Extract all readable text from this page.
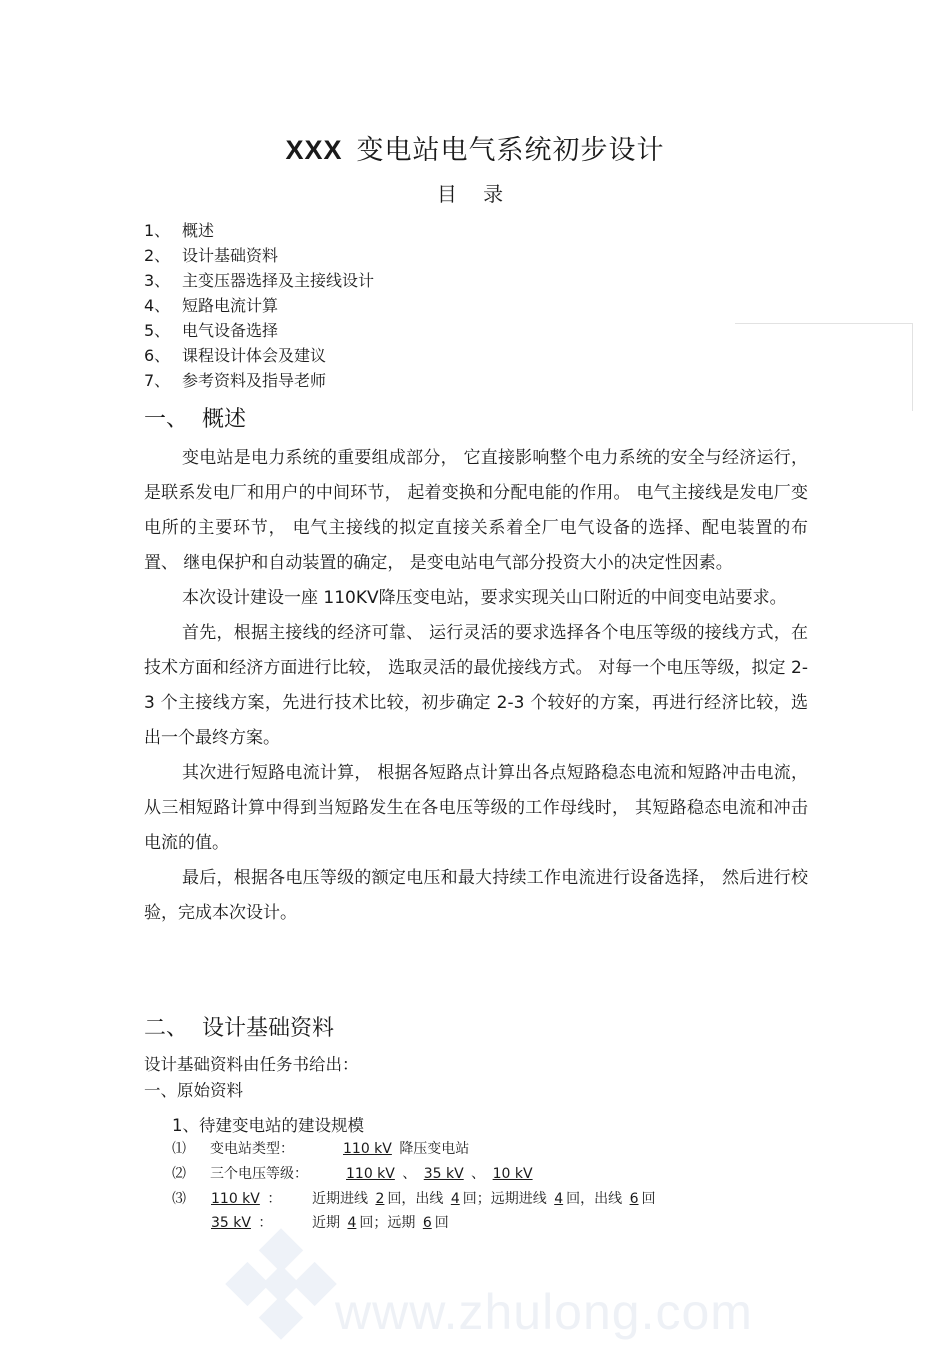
XXX 变电站电气系统初步设计
目 录
1、 概述
2、 设计基础资料
3、 主变压器选择及主接线设计
4、 短路电流计算
5、 电气设备选择
6、 课程设计体会及建议
7、 参考资料及指导老师
一、 概述

变电站是电力系统的重要组成部分， 它直接影响整个电力系统的安全与经济运行，是联系发电厂和用户的中间环节， 起着变换和分配电能的作用。 电气主接线是发电厂变电所的主要环节， 电气主接线的拟定直接关系着全厂电气设备的选择、配电装置的布置、 继电保护和自动装置的确定， 是变电站电气部分投资大小的决定性因素。

本次设计建设一座 110KV降压变电站，要求实现关山口附近的中间变电站要求。

首先，根据主接线的经济可靠、 运行灵活的要求选择各个电压等级的接线方式，在技术方面和经济方面进行比较， 选取灵活的最优接线方式。 对每一个电压等级，拟定 2-3 个主接线方案，先进行技术比较，初步确定 2-3 个较好的方案，再进行经济比较，选出一个最终方案。

其次进行短路电流计算， 根据各短路点计算出各点短路稳态电流和短路冲击电流，从三相短路计算中得到当短路发生在各电压等级的工作母线时， 其短路稳态电流和冲击电流的值。

最后，根据各电压等级的额定电压和最大持续工作电流进行设备选择， 然后进行校验，完成本次设计。

二、 设计基础资料
设计基础资料由任务书给出：
一、原始资料
1、待建变电站的建设规模
⑴ 变电站类型：	110 kV 降压变电站
⑵ 三个电压等级：	110 kV 、 35 kV 、 10 kV
⑶ 110 kV ： 近期进线 2 回，出线 4 回；远期进线 4 回，出线 6 回
35 kV ：	近期 4 回；远期 6 回
www.zhulong.com
